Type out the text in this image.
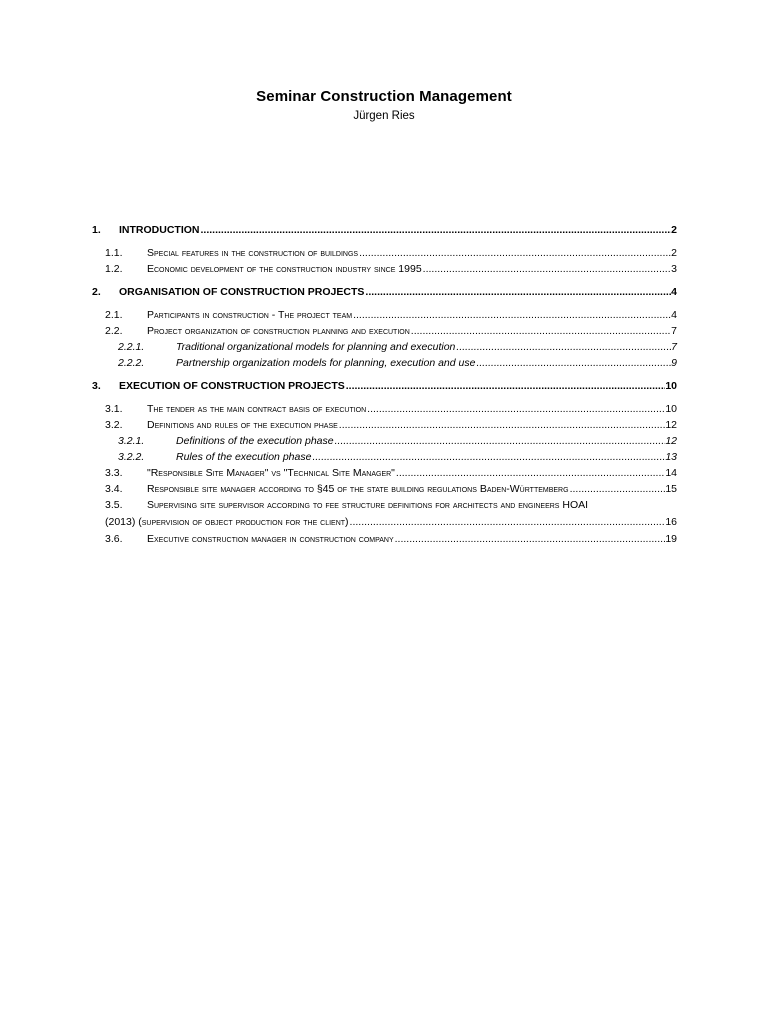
Seminar Construction Management
Jürgen Ries
1. INTRODUCTION .....	2
1.1. Special features in the construction of buildings .....	2
1.2. Economic development of the construction industry since 1995 .....	3
2. ORGANISATION OF CONSTRUCTION PROJECTS .....	4
2.1. Participants in construction - The project team .....	4
2.2. Project organization of construction planning and execution .....	7
2.2.1.	Traditional organizational models for planning and execution .....	7
2.2.2.	Partnership organization models for planning, execution and use .....	9
3. EXECUTION OF CONSTRUCTION PROJECTS .....	10
3.1. The tender as the main contract basis of execution .....	10
3.2. Definitions and rules of the execution phase .....	12
3.2.1.	Definitions of the execution phase .....	12
3.2.2.	Rules of the execution phase .....	13
3.3. "Responsible Site Manager" vs "Technical Site Manager" .....	14
3.4. Responsible site manager according to §45 of the state building regulations Baden-Württemberg .....	15
3.5. Supervising site supervisor according to fee structure definitions for architects and engineers HOAI
(2013) (supervision of object production for the client) .....	16
3.6. Executive construction manager in construction company .....	19
